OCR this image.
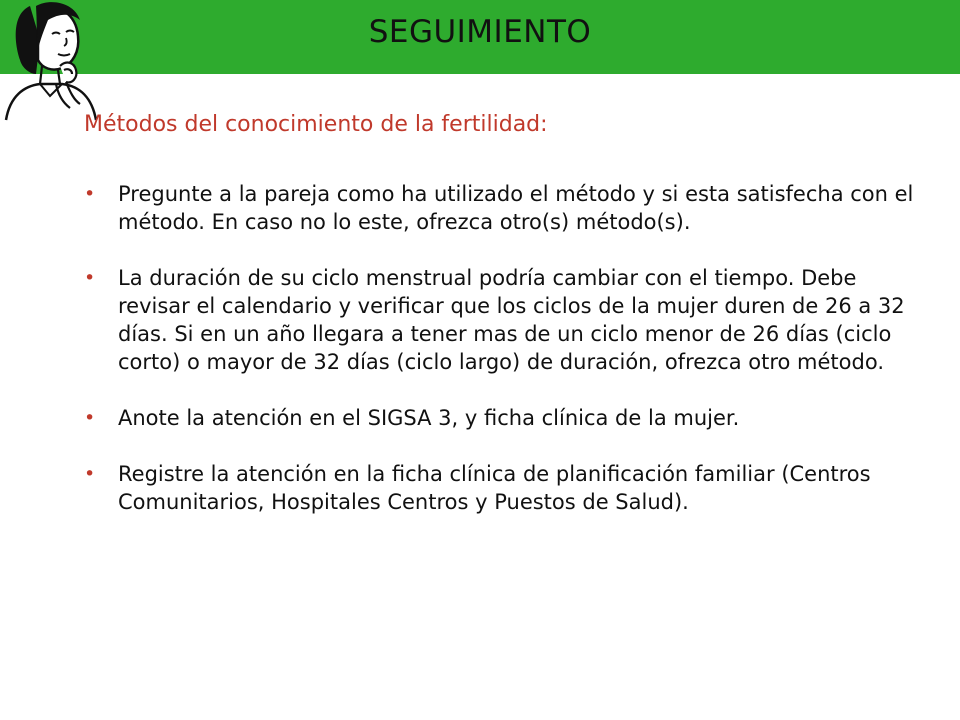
SEGUIMIENTO
Métodos del conocimiento de la fertilidad:
• Pregunte a la pareja como ha utilizado el método y si esta satisfecha con el método. En caso no lo este, ofrezca otro(s) método(s).
• La duración de su ciclo menstrual podría cambiar con el tiempo. Debe revisar el calendario y verificar que los ciclos de la mujer duren de 26 a 32 días. Si en un año llegara a tener mas de un ciclo menor de 26 días (ciclo corto) o mayor de 32 días (ciclo largo) de duración, ofrezca otro método.
• Anote la atención en el SIGSA 3, y ficha clínica de la mujer.
• Registre la atención en la ficha clínica de planificación familiar (Centros Comunitarios, Hospitales Centros y Puestos de Salud).
